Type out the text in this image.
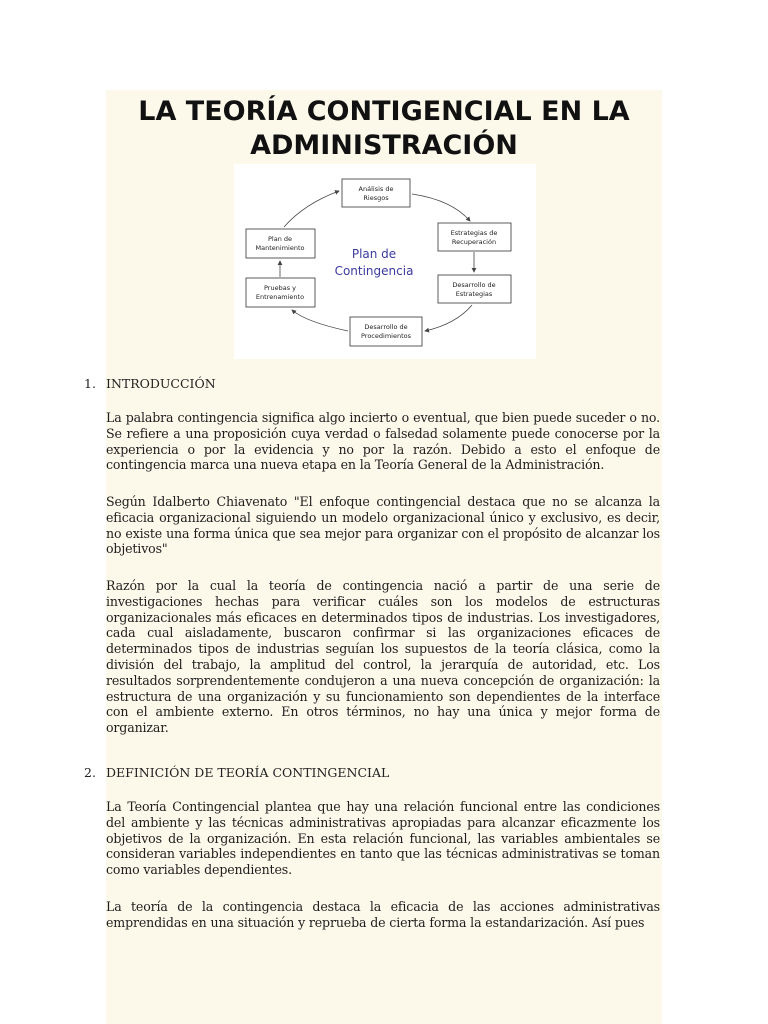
LA TEORÍA CONTIGENCIAL EN LA ADMINISTRACIÓN
Análisis de
Riesgos
Estrategias de
Recuperación
Desarrollo de
Estrategias
Desarrollo de
Procedimientos
Pruebas y
Entrenamiento
Plan de
Mantenimiento	Plan de
Contingencia

1. INTRODUCCIÓN

La palabra contingencia significa algo incierto o eventual, que bien puede suceder o no. Se refiere a una proposición cuya verdad o falsedad solamente puede conocerse por la experiencia o por la evidencia y no por la razón. Debido a esto el enfoque de contingencia marca una nueva etapa en la Teoría General de la Administración.

Según Idalberto Chiavenato "El enfoque contingencial destaca que no se alcanza la eficacia organizacional siguiendo un modelo organizacional único y exclusivo, es decir, no existe una forma única que sea mejor para organizar con el propósito de alcanzar los objetivos"

Razón por la cual la teoría de contingencia nació a partir de una serie de investigaciones hechas para verificar cuáles son los modelos de estructuras organizacionales más eficaces en determinados tipos de industrias. Los investigadores, cada cual aisladamente, buscaron confirmar si las organizaciones eficaces de determinados tipos de industrias seguían los supuestos de la teoría clásica, como la división del trabajo, la amplitud del control, la jerarquía de autoridad, etc. Los resultados sorprendentemente condujeron a una nueva concepción de organización: la estructura de una organización y su funcionamiento son dependientes de la interface con el ambiente externo. En otros términos, no hay una única y mejor forma de organizar.

2. DEFINICIÓN DE TEORÍA CONTINGENCIAL

La Teoría Contingencial plantea que hay una relación funcional entre las condiciones del ambiente y las técnicas administrativas apropiadas para alcanzar eficazmente los objetivos de la organización. En esta relación funcional, las variables ambientales se consideran variables independientes en tanto que las técnicas administrativas se toman como variables dependientes.

La teoría de la contingencia destaca la eficacia de las acciones administrativas emprendidas en una situación y reprueba de cierta forma la estandarización. Así pues
